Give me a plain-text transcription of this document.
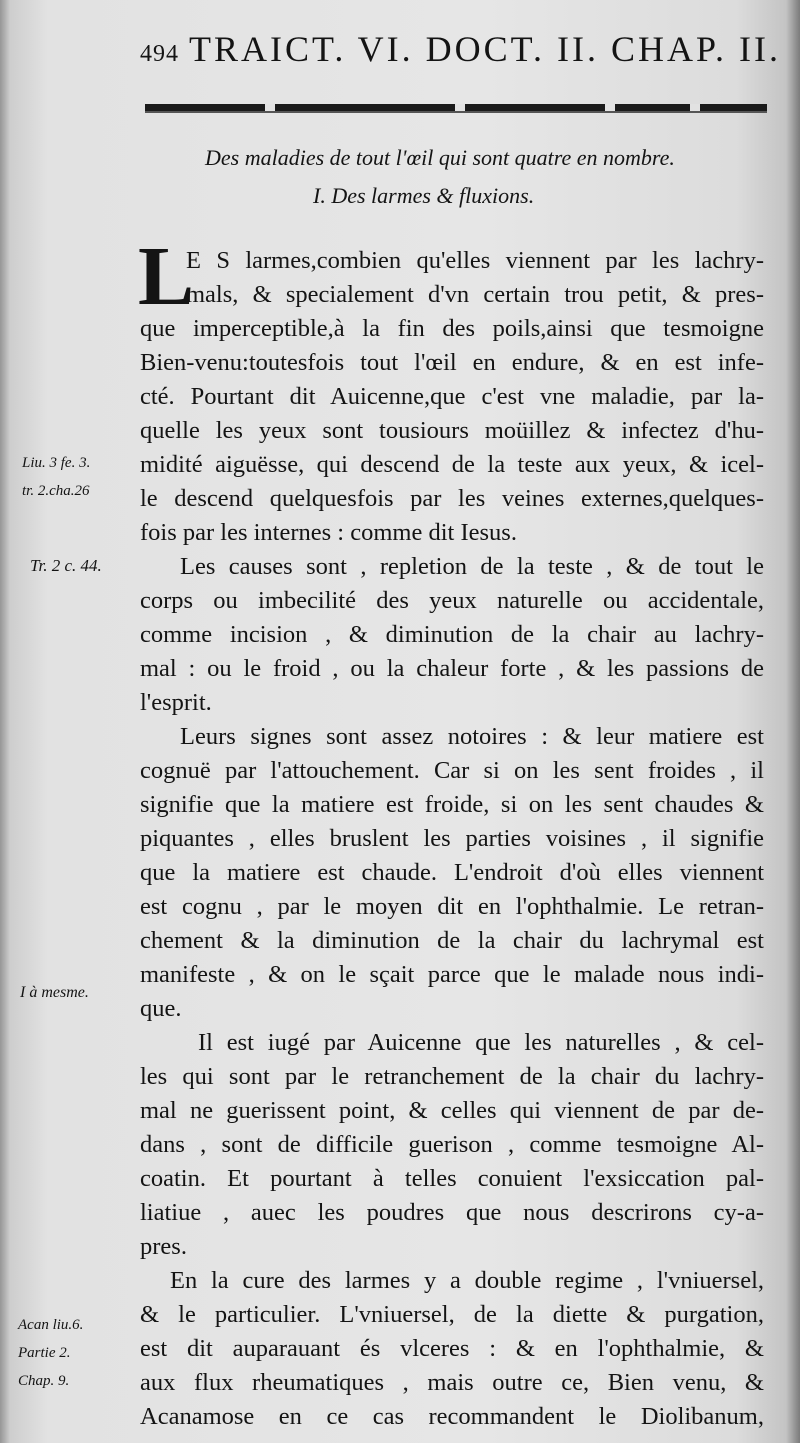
494 TRAICT. VI. DOCT. II. CHAP. II.
Des maladies de tout l'œil qui sont quatre en nombre.
I. Des larmes & fluxions.
L
E S larmes,combien qu'elles viennent par les lachry-
mals, & specialement d'vn certain trou petit, & pres-
que imperceptible,à la fin des poils,ainsi que tesmoigne
Bien-venu:toutesfois tout l'œil en endure, & en est infe-
cté. Pourtant dit Auicenne,que c'est vne maladie, par la-
quelle les yeux sont tousiours moüillez & infectez d'hu-
midité aiguësse, qui descend de la teste aux yeux, & icel-
le descend quelquesfois par les veines externes,quelques-
fois par les internes : comme dit Iesus.
Les causes sont , repletion de la teste , & de tout le
corps ou imbecilité des yeux naturelle ou accidentale,
comme incision , & diminution de la chair au lachry-
mal : ou le froid , ou la chaleur forte , & les passions de
l'esprit.
Leurs signes sont assez notoires : & leur matiere est
cognuë par l'attouchement. Car si on les sent froides , il
signifie que la matiere est froide, si on les sent chaudes &
piquantes , elles bruslent les parties voisines , il signifie
que la matiere est chaude. L'endroit d'où elles viennent
est cognu , par le moyen dit en l'ophthalmie. Le retran-
chement & la diminution de la chair du lachrymal est
manifeste , & on le sçait parce que le malade nous indi-
que.
Il est iugé par Auicenne que les naturelles , & cel-
les qui sont par le retranchement de la chair du lachry-
mal ne guerissent point, & celles qui viennent de par de-
dans , sont de difficile guerison , comme tesmoigne Al-
coatin. Et pourtant à telles conuient l'exsiccation pal-
liatiue , auec les poudres que nous descrirons cy-a-
pres.
En la cure des larmes y a double regime , l'vniuersel,
& le particulier. L'vniuersel, de la diette & purgation,
est dit auparauant és vlceres : & en l'ophthalmie, &
aux flux rheumatiques , mais outre ce, Bien venu, &
Acanamose en ce cas recommandent le Diolibanum,
Liu. 3 fe. 3.
tr. 2.cha.26
Tr. 2 c. 44.
I à mesme.
Acan liu.6.
Partie 2.
Chap. 9.
